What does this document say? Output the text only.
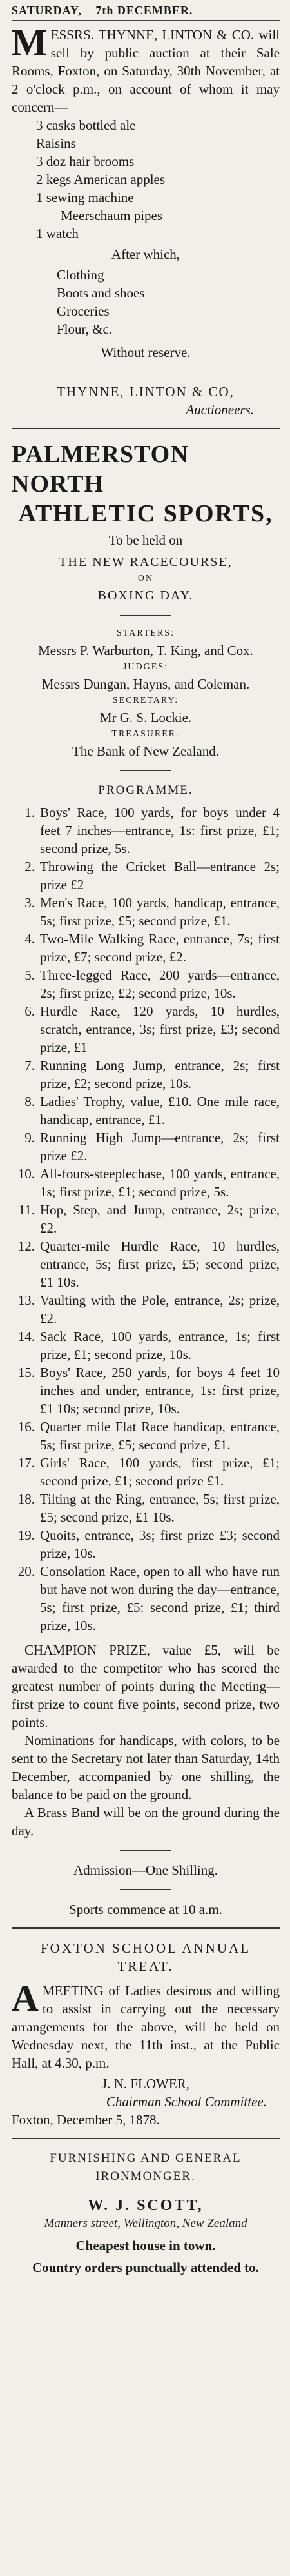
SATURDAY, 7th DECEMBER.

MESSRS. THYNNE, LINTON & CO. will sell by public auction at their Sale Rooms, Foxton, on Saturday, 30th November, at 2 o'clock p.m., on account of whom it may concern—

3 casks bottled ale
Raisins
3 doz hair brooms
2 kegs American apples
1 sewing machine
Meerschaum pipes
1 watch
After which,
Clothing
Boots and shoes
Groceries
Flour, &c.
Without reserve.
THYNNE, LINTON & CO,
Auctioneers.
PALMERSTON NORTH
ATHLETIC SPORTS,
To be held on
THE NEW RACECOURSE,
ON
BOXING DAY.
STARTERS:

Messrs P. Warburton, T. King, and Cox.

JUDGES:

Messrs Dungan, Hayns, and Coleman.

SECRETARY:

Mr G. S. Lockie.

TREASURER.

The Bank of New Zealand.

PROGRAMME.
1. Boys' Race, 100 yards, for boys under 4 feet 7 inches—entrance, 1s: first prize, £1; second prize, 5s.
2. Throwing the Cricket Ball—entrance 2s; prize £2
3. Men's Race, 100 yards, handicap, entrance, 5s; first prize, £5; second prize, £1.
4. Two-Mile Walking Race, entrance, 7s; first prize, £7; second prize, £2.
5. Three-legged Race, 200 yards—entrance, 2s; first prize, £2; second prize, 10s.
6. Hurdle Race, 120 yards, 10 hurdles, scratch, entrance, 3s; first prize, £3; second prize, £1
7. Running Long Jump, entrance, 2s; first prize, £2; second prize, 10s.
8. Ladies' Trophy, value, £10. One mile race, handicap, entrance, £1.
9. Running High Jump—entrance, 2s; first prize £2.
10. All-fours-steeplechase, 100 yards, entrance, 1s; first prize, £1; second prize, 5s.
11. Hop, Step, and Jump, entrance, 2s; prize, £2.
12. Quarter-mile Hurdle Race, 10 hurdles, entrance, 5s; first prize, £5; second prize, £1 10s.
13. Vaulting with the Pole, entrance, 2s; prize, £2.
14. Sack Race, 100 yards, entrance, 1s; first prize, £1; second prize, 10s.
15. Boys' Race, 250 yards, for boys 4 feet 10 inches and under, entrance, 1s: first prize, £1 10s; second prize, 10s.
16. Quarter mile Flat Race handicap, entrance, 5s; first prize, £5; second prize, £1.
17. Girls' Race, 100 yards, first prize, £1; second prize, £1; second prize £1.
18. Tilting at the Ring, entrance, 5s; first prize, £5; second prize, £1 10s.
19. Quoits, entrance, 3s; first prize £3; second prize, 10s.
20. Consolation Race, open to all who have run but have not won during the day—entrance, 5s; first prize, £5: second prize, £1; third prize, 10s.

CHAMPION PRIZE, value £5, will be awarded to the competitor who has scored the greatest number of points during the Meeting—first prize to count five points, second prize, two points.

Nominations for handicaps, with colors, to be sent to the Secretary not later than Saturday, 14th December, accompanied by one shilling, the balance to be paid on the ground.

A Brass Band will be on the ground during the day.

Admission—One Shilling.
Sports commence at 10 a.m.
FOXTON SCHOOL ANNUAL TREAT.

AMEETING of Ladies desirous and willing to assist in carrying out the necessary arrangements for the above, will be held on Wednesday next, the 11th inst., at the Public Hall, at 4.30, p.m.

J. N. FLOWER,
Chairman School Committee.
Foxton, December 5, 1878.
FURNISHING AND GENERAL IRONMONGER.
W. J. SCOTT,
Manners street, Wellington, New Zealand
Cheapest house in town.
Country orders punctually attended to.
